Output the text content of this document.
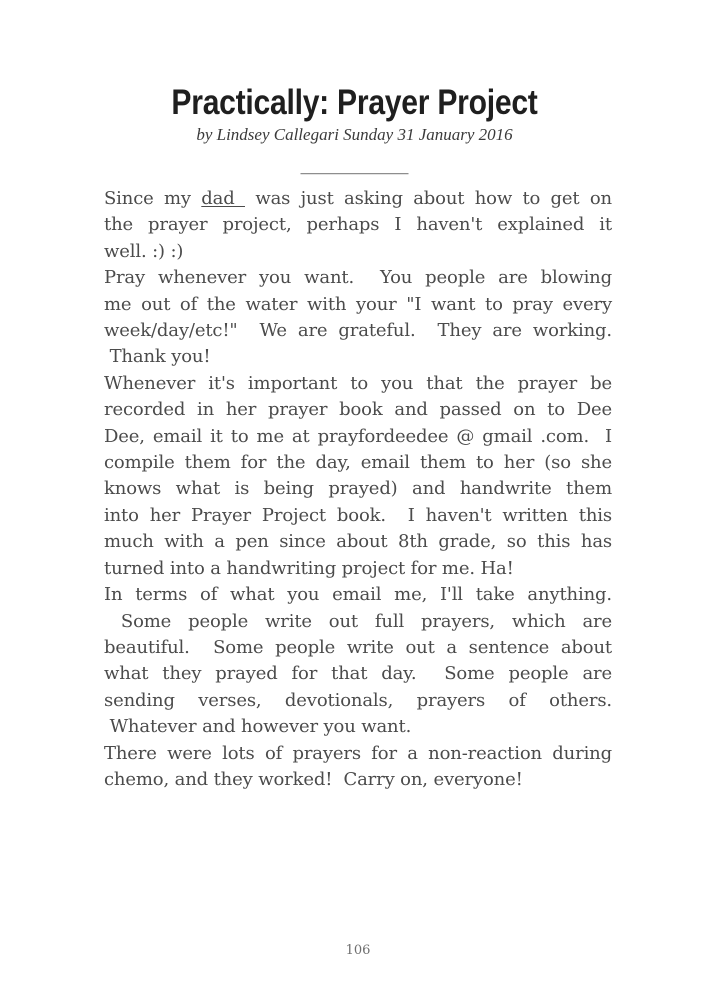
Practically: Prayer Project
by Lindsey Callegari Sunday 31 January 2016
____________

Since my dad  was just asking about how to get on
the prayer project, perhaps I haven't explained it
well. :) :)

Pray whenever you want.  You people are blowing
me out of the water with your "I want to pray every
week/day/etc!"  We are grateful.  They are working.
Thank you!

Whenever it's important to you that the prayer be
recorded in her prayer book and passed on to Dee
Dee, email it to me at prayfordeedee @ gmail .com.  I
compile them for the day, email them to her (so she
knows what is being prayed) and handwrite them
into her Prayer Project book.  I haven't written this
much with a pen since about 8th grade, so this has
turned into a handwriting project for me. Ha!

In terms of what you email me, I'll take anything.
Some people write out full prayers, which are
beautiful.  Some people write out a sentence about
what they prayed for that day.  Some people are
sending verses, devotionals, prayers of others.
Whatever and however you want.

There were lots of prayers for a non-reaction during
chemo, and they worked!  Carry on, everyone!

106
